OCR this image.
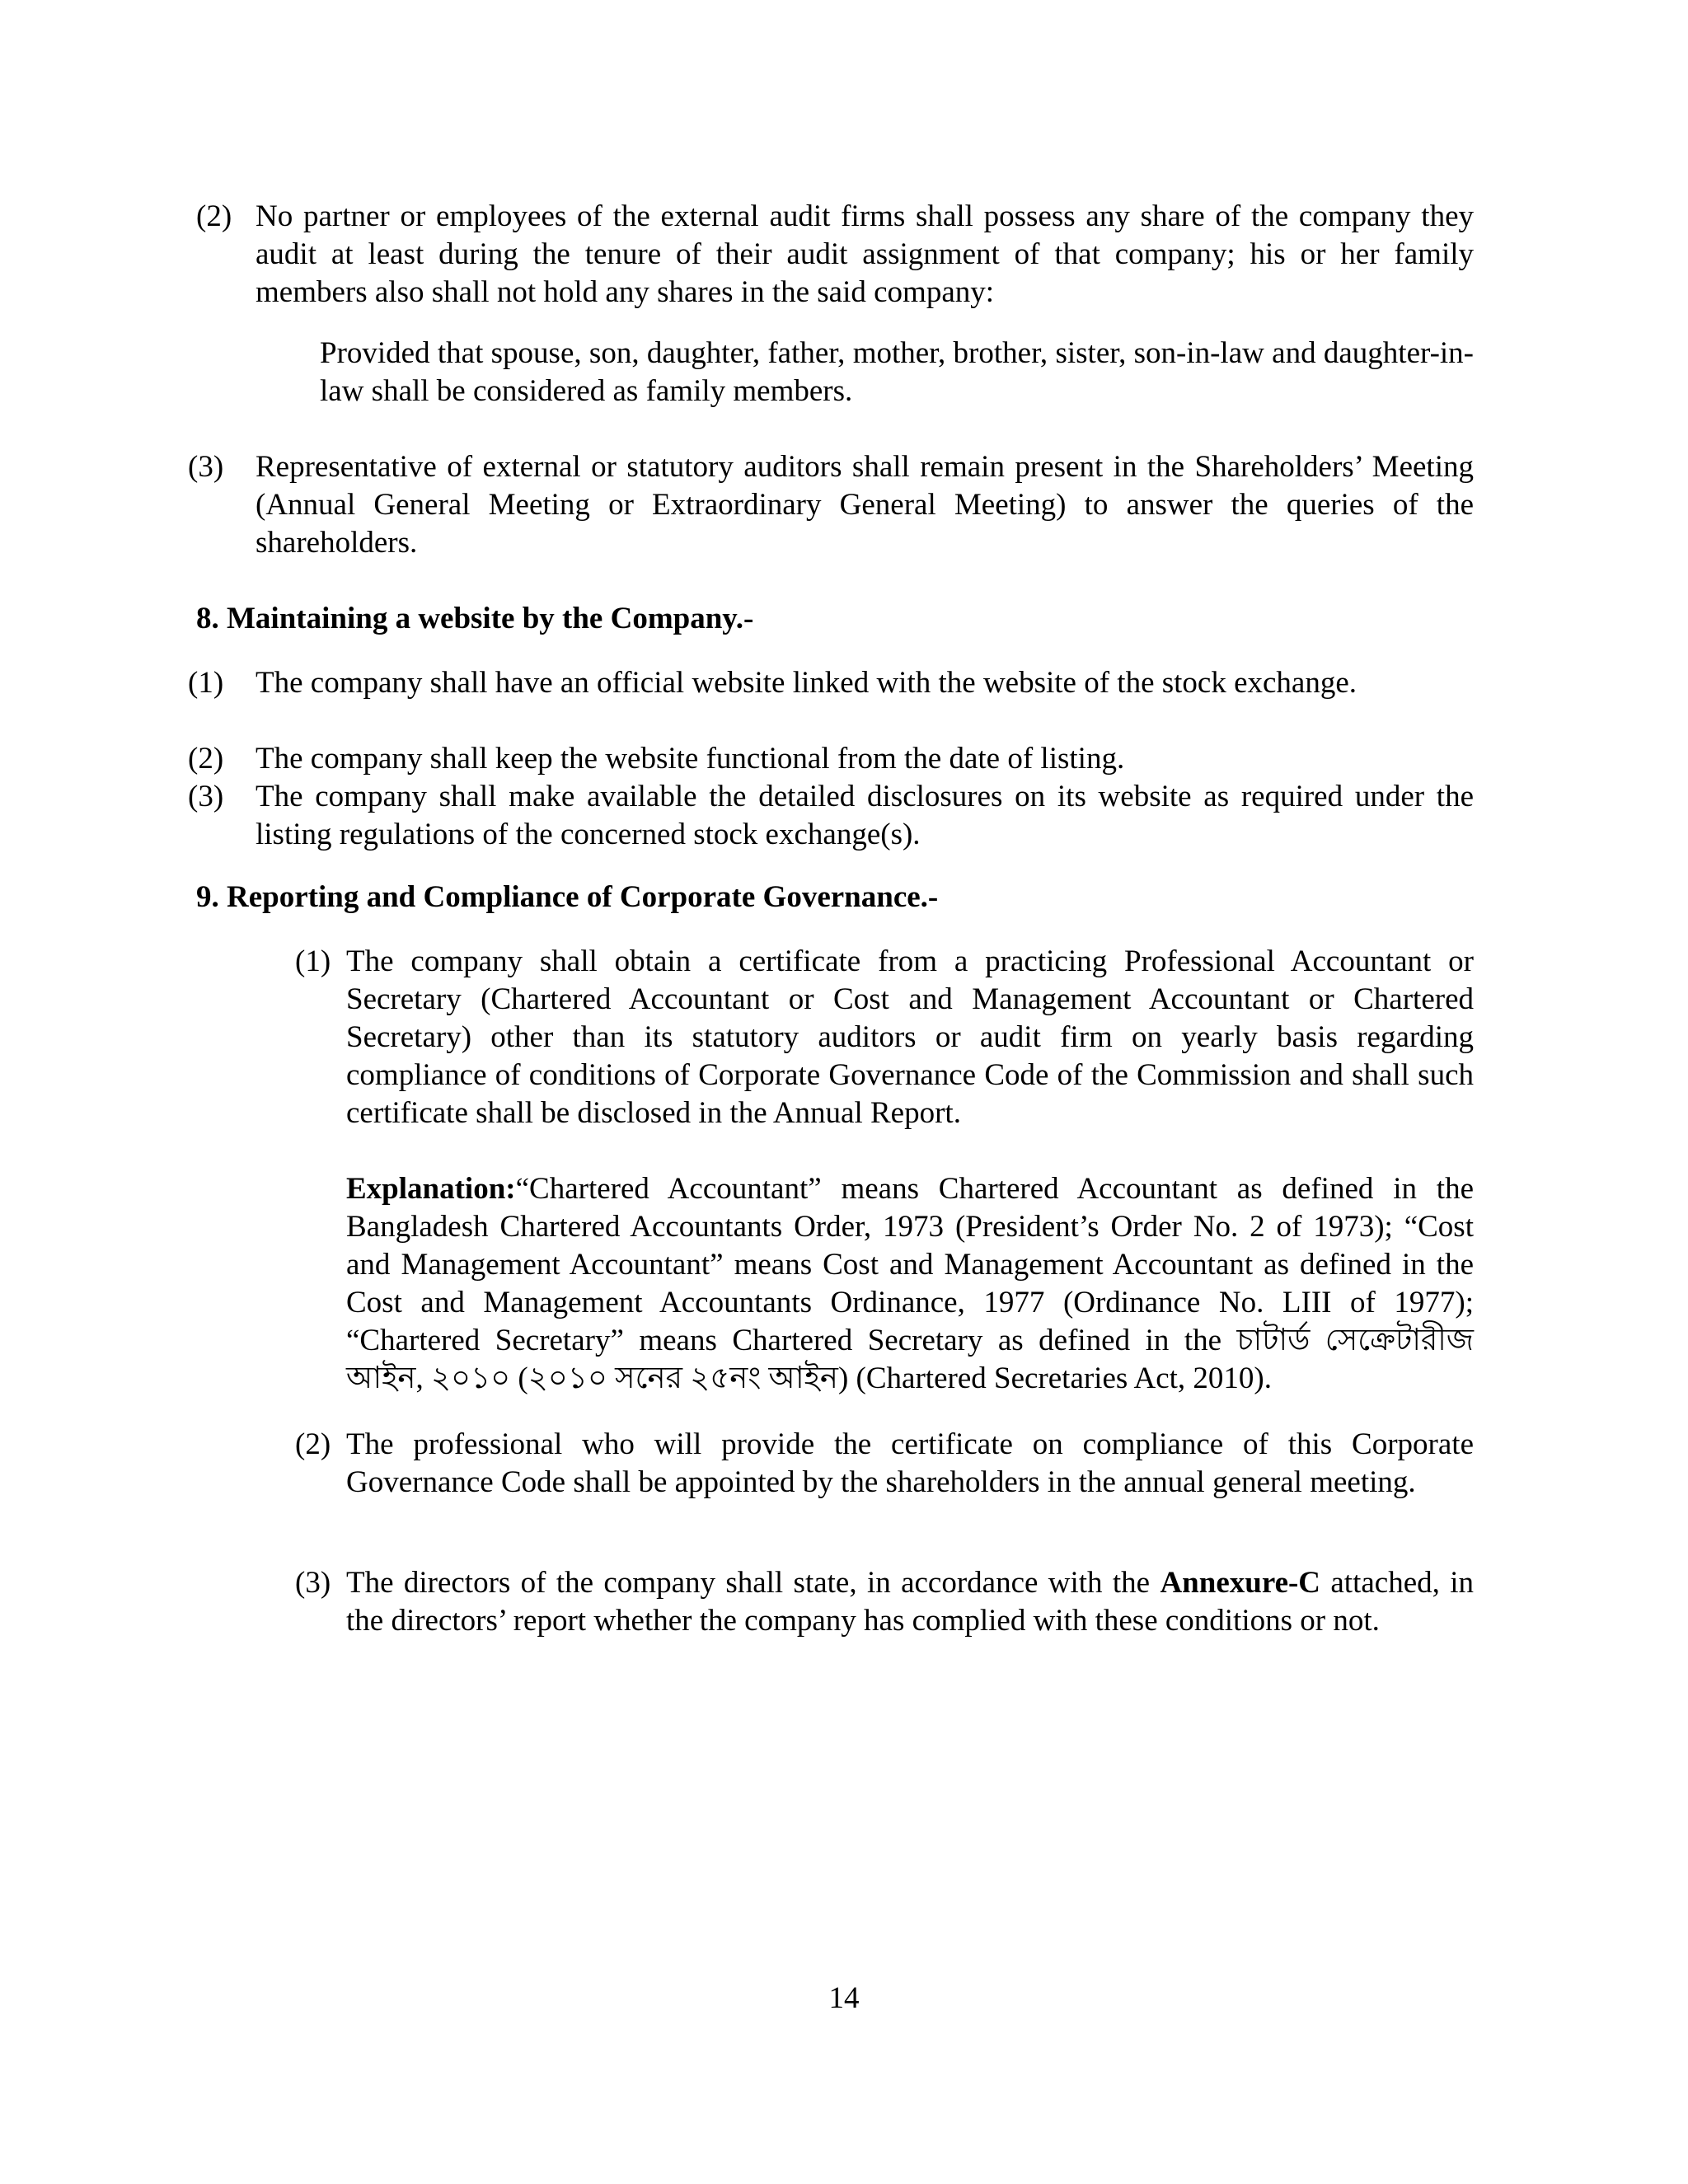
(2) No partner or employees of the external audit firms shall possess any share of the company they audit at least during the tenure of their audit assignment of that company; his or her family members also shall not hold any shares in the said company:
Provided that spouse, son, daughter, father, mother, brother, sister, son-in-law and daughter-in-law shall be considered as family members.
(3) Representative of external or statutory auditors shall remain present in the Shareholders’ Meeting (Annual General Meeting or Extraordinary General Meeting) to answer the queries of the shareholders.
8. Maintaining a website by the Company.-
(1) The company shall have an official website linked with the website of the stock exchange.
(2) The company shall keep the website functional from the date of listing.
(3) The company shall make available the detailed disclosures on its website as required under the listing regulations of the concerned stock exchange(s).
9. Reporting and Compliance of Corporate Governance.-
(1) The company shall obtain a certificate from a practicing Professional Accountant or Secretary (Chartered Accountant or Cost and Management Accountant or Chartered Secretary) other than its statutory auditors or audit firm on yearly basis regarding compliance of conditions of Corporate Governance Code of the Commission and shall such certificate shall be disclosed in the Annual Report.
Explanation:“Chartered Accountant” means Chartered Accountant as defined in the Bangladesh Chartered Accountants Order, 1973 (President’s Order No. 2 of 1973); “Cost and Management Accountant” means Cost and Management Accountant as defined in the Cost and Management Accountants Ordinance, 1977 (Ordinance No. LIII of 1977); “Chartered Secretary” means Chartered Secretary as defined in the চাটার্ড সেক্রেটারীজ আইন, ২০১০ (২০১০ সনের ২৫নং আইন) (Chartered Secretaries Act, 2010).
(2) The professional who will provide the certificate on compliance of this Corporate Governance Code shall be appointed by the shareholders in the annual general meeting.
(3) The directors of the company shall state, in accordance with the Annexure-C attached, in the directors’ report whether the company has complied with these conditions or not.
14
